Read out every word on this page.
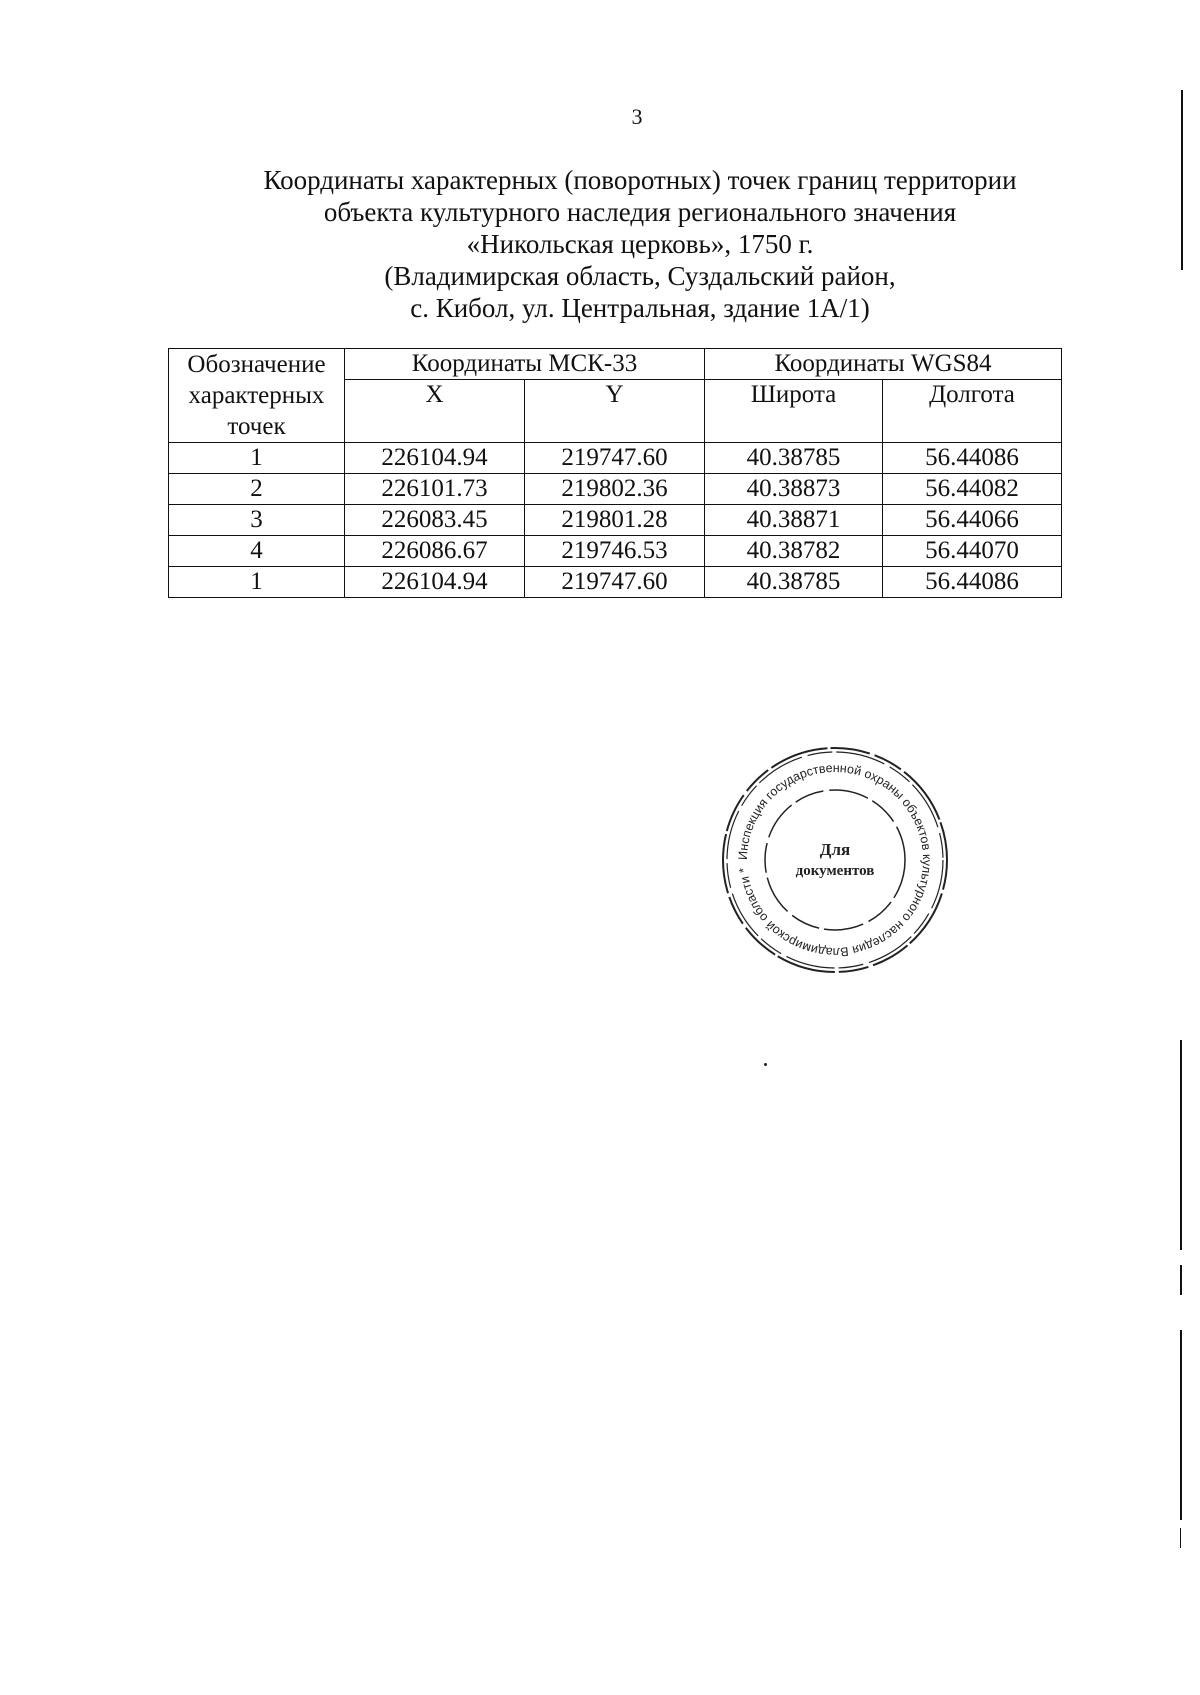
3
Координаты характерных (поворотных) точек границ территории
объекта культурного наследия регионального значения
«Никольская церковь», 1750 г.
(Владимирская область, Суздальский район,
с. Кибол, ул. Центральная, здание 1А/1)
Обозначение характерных точек	Координаты МСК-33		Координаты WGS84	
	X	Y	Широта	Долгота
1	226104.94	219747.60	40.38785	56.44086
2	226101.73	219802.36	40.38873	56.44082
3	226083.45	219801.28	40.38871	56.44066
4	226086.67	219746.53	40.38782	56.44070
1	226104.94	219747.60	40.38785	56.44086
Инспекция государственной охраны объектов культурного наследия Владимирской области *
Для
документов
